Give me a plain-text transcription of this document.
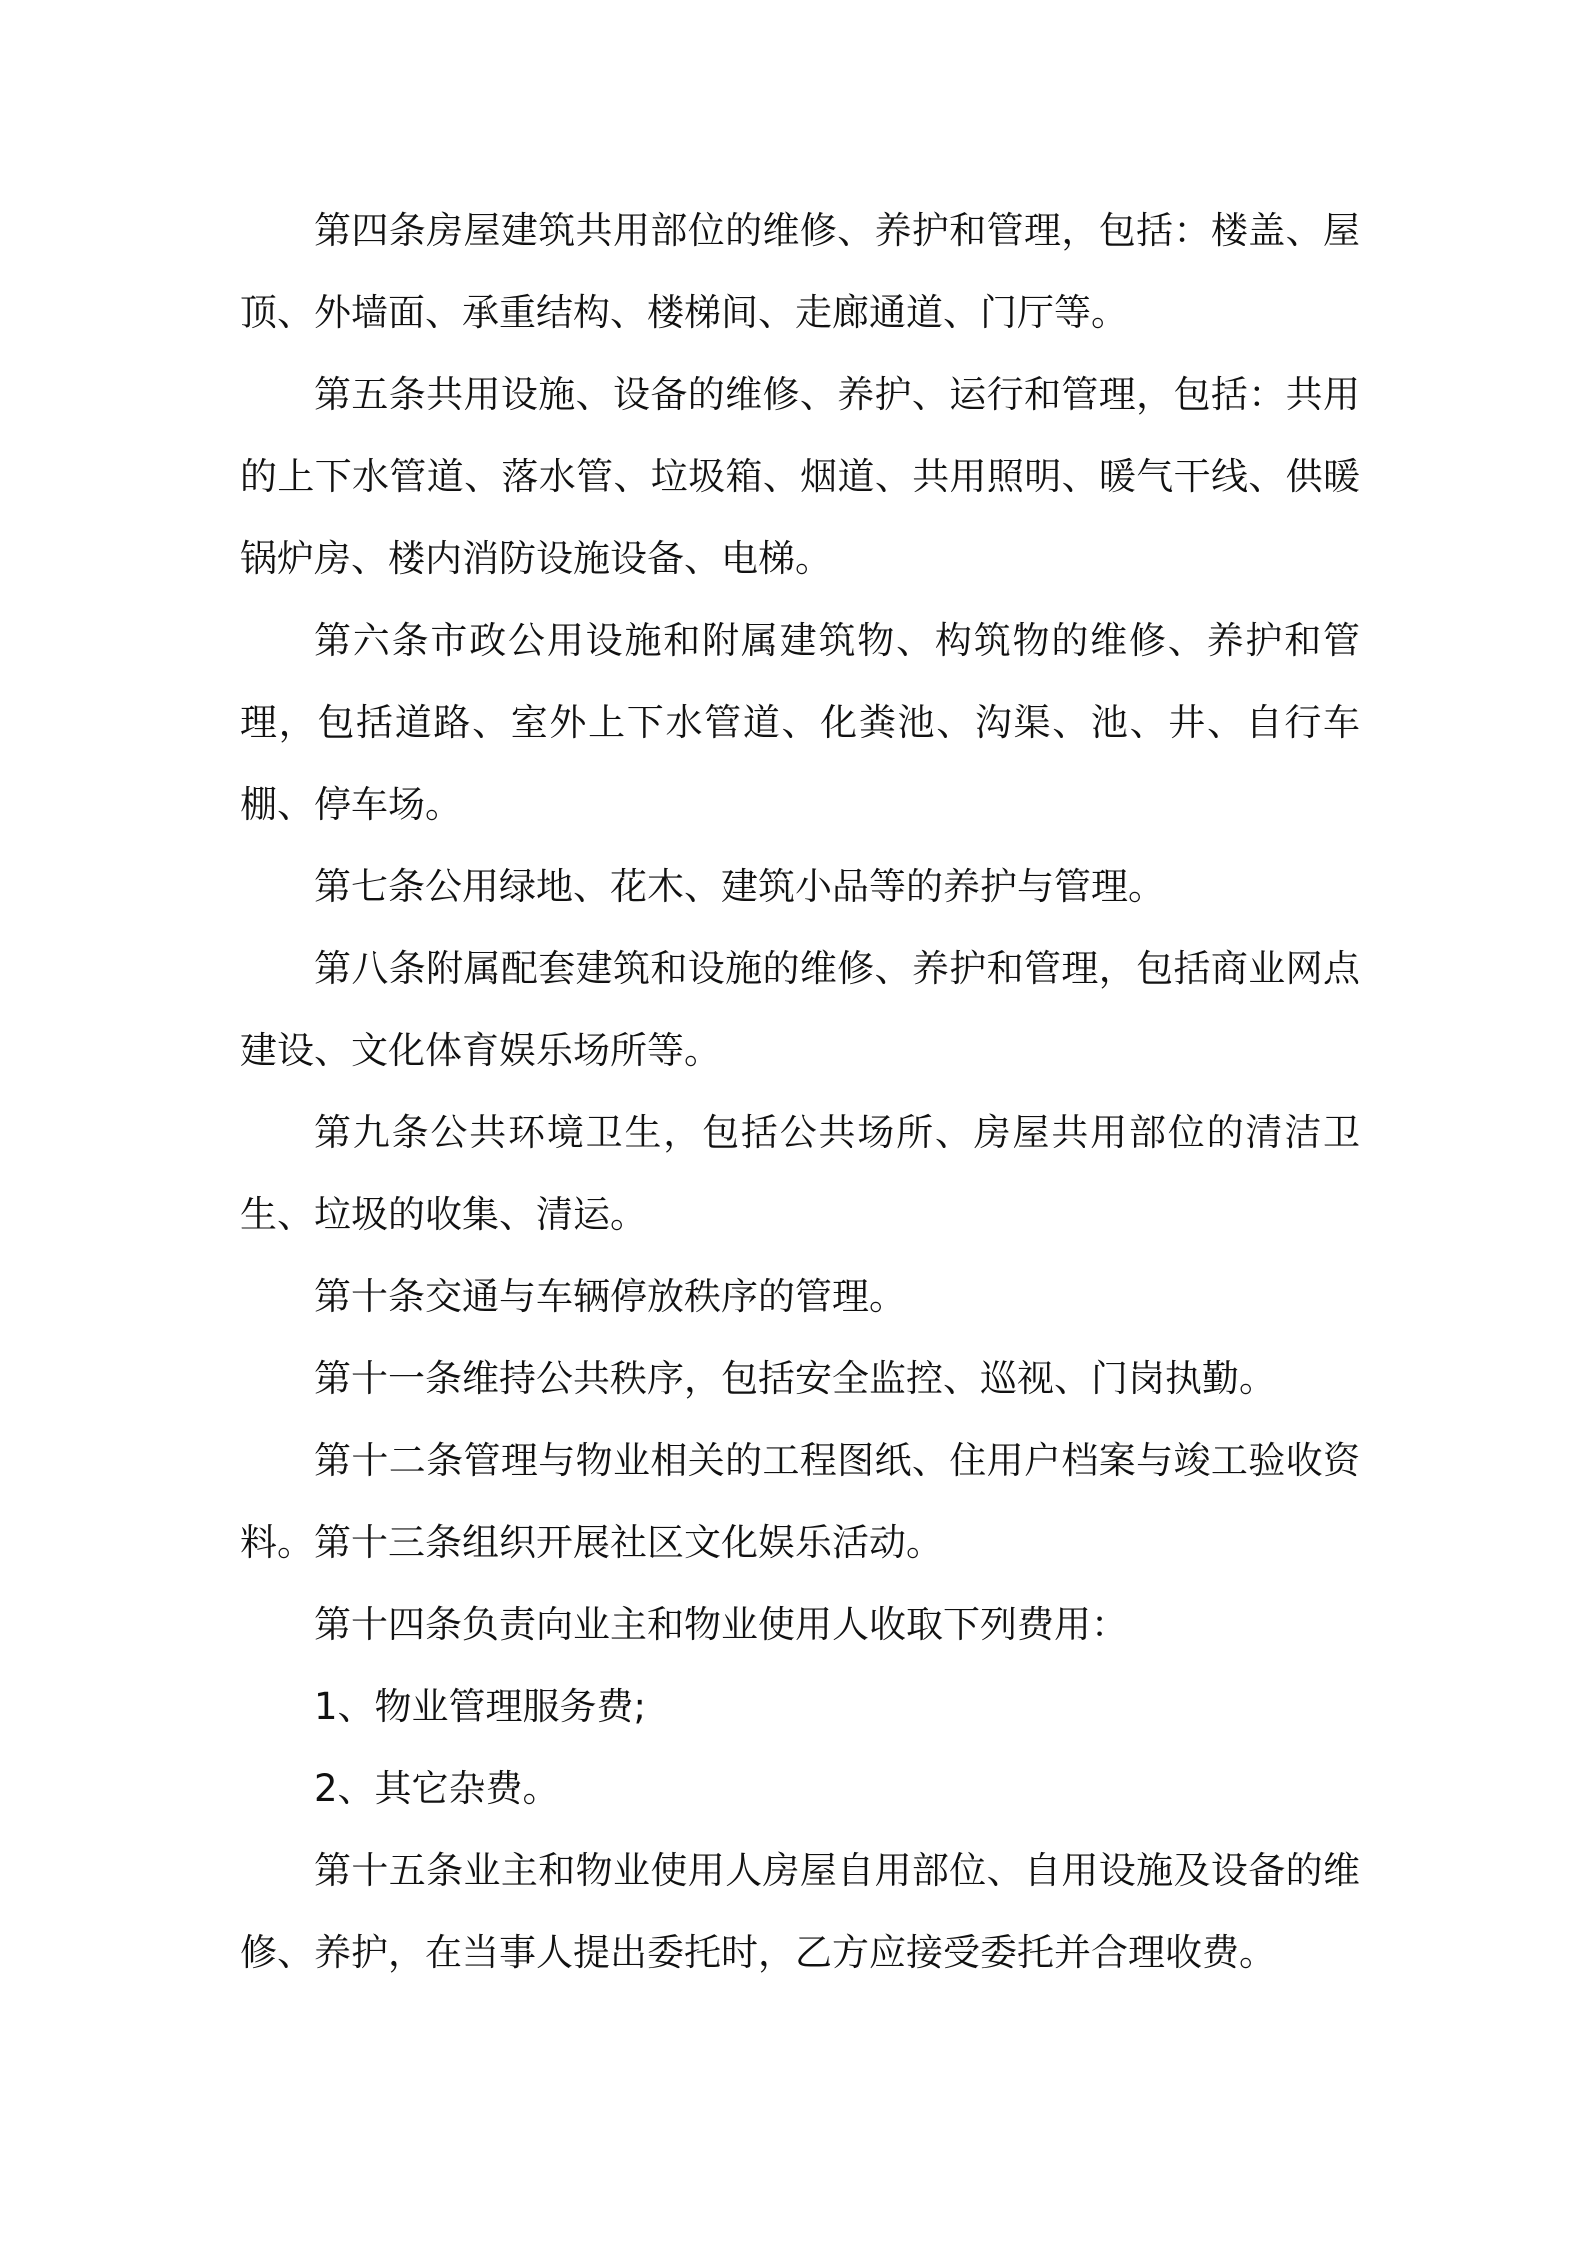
第四条房屋建筑共用部位的维修、养护和管理，包括：楼盖、屋顶、外墙面、承重结构、楼梯间、走廊通道、门厅等。

第五条共用设施、设备的维修、养护、运行和管理，包括：共用的上下水管道、落水管、垃圾箱、烟道、共用照明、暖气干线、供暖锅炉房、楼内消防设施设备、电梯。

第六条市政公用设施和附属建筑物、构筑物的维修、养护和管理，包括道路、室外上下水管道、化粪池、沟渠、池、井、自行车棚、停车场。

第七条公用绿地、花木、建筑小品等的养护与管理。

第八条附属配套建筑和设施的维修、养护和管理，包括商业网点建设、文化体育娱乐场所等。

第九条公共环境卫生，包括公共场所、房屋共用部位的清洁卫生、垃圾的收集、清运。

第十条交通与车辆停放秩序的管理。

第十一条维持公共秩序，包括安全监控、巡视、门岗执勤。

第十二条管理与物业相关的工程图纸、住用户档案与竣工验收资料。第十三条组织开展社区文化娱乐活动。

第十四条负责向业主和物业使用人收取下列费用：

1、物业管理服务费;

2、其它杂费。

第十五条业主和物业使用人房屋自用部位、自用设施及设备的维修、养护，在当事人提出委托时，乙方应接受委托并合理收费。
